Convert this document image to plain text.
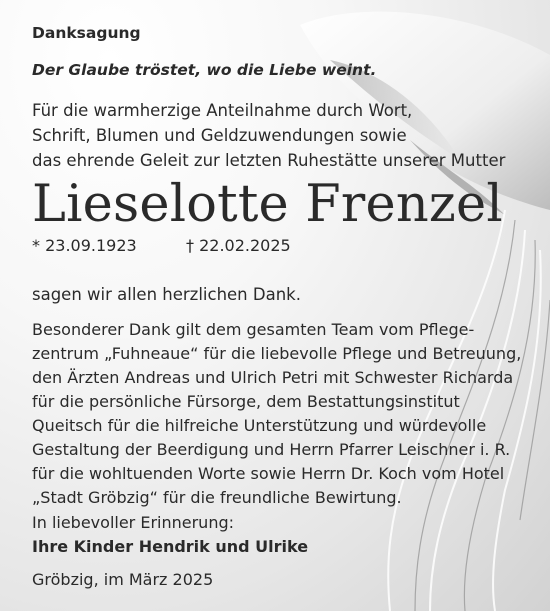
Danksagung

Der Glaube tröstet, wo die Liebe weint.

Für die warmherzige Anteilnahme durch Wort,
Schrift, Blumen und Geldzuwendungen sowie
das ehrende Geleit zur letzten Ruhestätte unserer Mutter
Lieselotte Frenzel
* 23.09.1923	† 22.02.2025
sagen wir allen herzlichen Dank.
Besonderer Dank gilt dem gesamten Team vom Pflege-
zentrum „Fuhneaue“ für die liebevolle Pflege und Betreuung,
den Ärzten Andreas und Ulrich Petri mit Schwester Richarda
für die persönliche Fürsorge, dem Bestattungsinstitut
Queitsch für die hilfreiche Unterstützung und würdevolle
Gestaltung der Beerdigung und Herrn Pfarrer Leischner i. R.
für die wohltuenden Worte sowie Herrn Dr. Koch vom Hotel
„Stadt Gröbzig“ für die freundliche Bewirtung.
In liebevoller Erinnerung:
Ihre Kinder Hendrik und Ulrike
Gröbzig, im März 2025
